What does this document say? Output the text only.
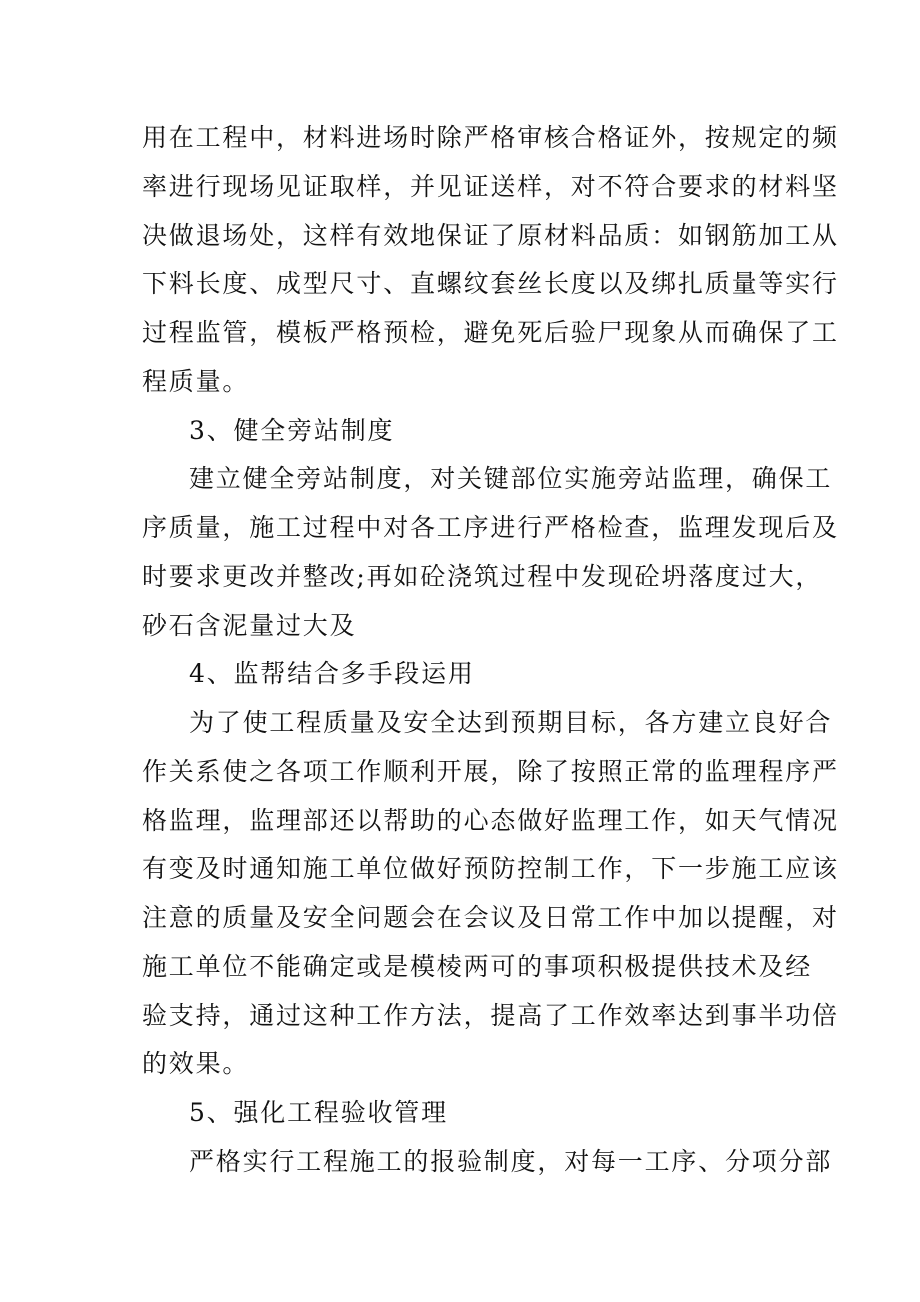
用在工程中，材料进场时除严格审核合格证外，按规定的频
率进行现场见证取样，并见证送样，对不符合要求的材料坚
决做退场处，这样有效地保证了原材料品质：如钢筋加工从
下料长度、成型尺寸、直螺纹套丝长度以及绑扎质量等实行
过程监管，模板严格预检，避免死后验尸现象从而确保了工
程质量。
3、健全旁站制度
建立健全旁站制度，对关键部位实施旁站监理，确保工
序质量，施工过程中对各工序进行严格检查，监理发现后及
时要求更改并整改;再如砼浇筑过程中发现砼坍落度过大，
砂石含泥量过大及
4、监帮结合多手段运用
为了使工程质量及安全达到预期目标，各方建立良好合
作关系使之各项工作顺利开展，除了按照正常的监理程序严
格监理，监理部还以帮助的心态做好监理工作，如天气情况
有变及时通知施工单位做好预防控制工作，下一步施工应该
注意的质量及安全问题会在会议及日常工作中加以提醒，对
施工单位不能确定或是模棱两可的事项积极提供技术及经
验支持，通过这种工作方法，提高了工作效率达到事半功倍
的效果。
5、强化工程验收管理
严格实行工程施工的报验制度，对每一工序、分项分部
